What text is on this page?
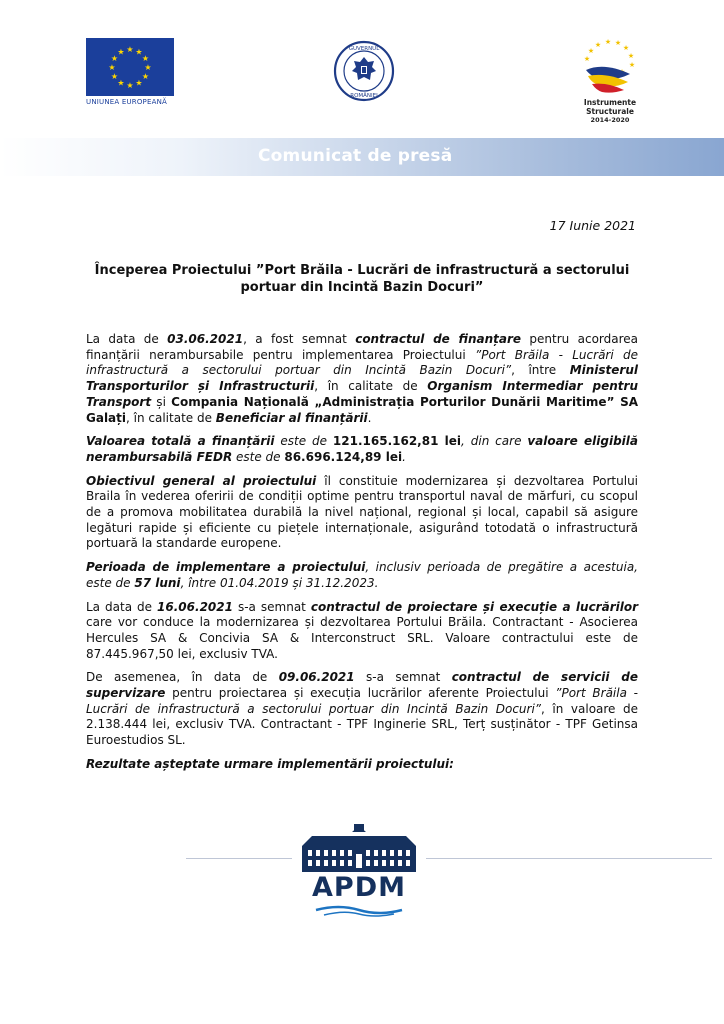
★ ★
★
★
★
★
★
★
★
★
★
★
UNIUNEA EUROPEANĂ
GUVERNUL
ROMÂNIEI
★ ★
★
★
★
★
★
★
Instrumente Structurale
2014-2020
Comunicat de presă
17 Iunie 2021
Începerea Proiectului ”Port Brăila - Lucrări de infrastructură a sectorului portuar din Incintă Bazin Docuri”

La data de 03.06.2021, a fost semnat contractul de finanțare pentru acordarea finanțării nerambursabile pentru implementarea Proiectului ”Port Brăila - Lucrări de infrastructură a sectorului portuar din Incintă Bazin Docuri”, între Ministerul Transporturilor și Infrastructurii, în calitate de Organism Intermediar pentru Transport și Compania Națională „Administrația Porturilor Dunării Maritime” SA Galați, în calitate de Beneficiar al finanțării.

Valoarea totală a finanțării este de 121.165.162,81 lei, din care valoare eligibilă nerambursabilă FEDR este de 86.696.124,89 lei.

Obiectivul general al proiectului îl constituie modernizarea și dezvoltarea Portului Braila în vederea oferirii de condiții optime pentru transportul naval de mărfuri, cu scopul de a promova mobilitatea durabilă la nivel național, regional și local, capabil să asigure legături rapide și eficiente cu piețele internaționale, asigurând totodată o infrastructură portuară la standarde europene.

Perioada de implementare a proiectului, inclusiv perioada de pregătire a acestuia, este de 57 luni, între 01.04.2019 și 31.12.2023.

La data de 16.06.2021 s-a semnat contractul de proiectare și execuție a lucrărilor care vor conduce la modernizarea și dezvoltarea Portului Brăila. Contractant - Asocierea Hercules SA & Concivia SA & Interconstruct SRL. Valoare contractului este de 87.445.967,50 lei, exclusiv TVA.

De asemenea, în data de 09.06.2021 s-a semnat contractul de servicii de supervizare pentru proiectarea și execuția lucrărilor aferente Proiectului ”Port Brăila - Lucrări de infrastructură a sectorului portuar din Incintă Bazin Docuri”, în valoare de 2.138.444 lei, exclusiv TVA. Contractant - TPF Inginerie SRL, Terț susținător - TPF Getinsa Euroestudios SL.

Rezultate așteptate urmare implementării proiectului:

APDM
